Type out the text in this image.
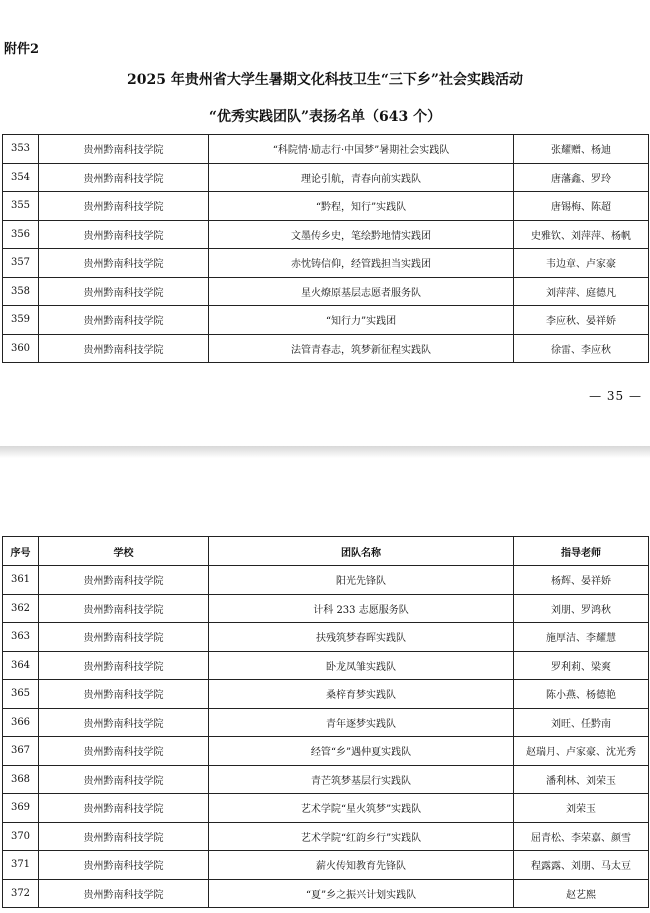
附件2
2025 年贵州省大学生暑期文化科技卫生“三下乡”社会实践活动
“优秀实践团队”表扬名单（643 个）
353	贵州黔南科技学院	“科院情·励志行·中国梦”暑期社会实践队	张耀赠、杨迪
354	贵州黔南科技学院	理论引航，青春向前实践队	唐藩鑫、罗玲
355	贵州黔南科技学院	“黔程，知行”实践队	唐锡梅、陈超
356	贵州黔南科技学院	文墨传乡史，笔绘黔地情实践团	史雅钦、刘萍萍、杨帆
357	贵州黔南科技学院	赤忱铸信仰，经管践担当实践团	韦边章、卢家豪
358	贵州黔南科技学院	星火燎原基层志愿者服务队	刘萍萍、庭德凡
359	贵州黔南科技学院	“知行力”实践团	李应秋、晏祥娇
360	贵州黔南科技学院	法管青春志，筑梦新征程实践队	徐雷、李应秋
— 35 —
序号	学校	团队名称	指导老师
361	贵州黔南科技学院	阳光先锋队	杨辉、晏祥娇
362	贵州黔南科技学院	计科 233 志愿服务队	刘朋、罗鸿秋
363	贵州黔南科技学院	扶残筑梦春晖实践队	施厚洁、李耀慧
364	贵州黔南科技学院	卧龙凤雏实践队	罗利莉、梁爽
365	贵州黔南科技学院	桑梓育梦实践队	陈小燕、杨德艳
366	贵州黔南科技学院	青年逐梦实践队	刘旺、任黔南
367	贵州黔南科技学院	经管“乡”遇仲夏实践队	赵瑞月、卢家豪、沈光秀
368	贵州黔南科技学院	青芒筑梦基层行实践队	潘利林、刘荣玉
369	贵州黔南科技学院	艺术学院“星火筑梦”实践队	刘荣玉
370	贵州黔南科技学院	艺术学院“红韵乡行”实践队	屈青松、李荣嘉、颜雪
371	贵州黔南科技学院	薪火传知教育先锋队	程露露、刘朋、马太豆
372	贵州黔南科技学院	“夏”乡之振兴计划实践队	赵艺熙
